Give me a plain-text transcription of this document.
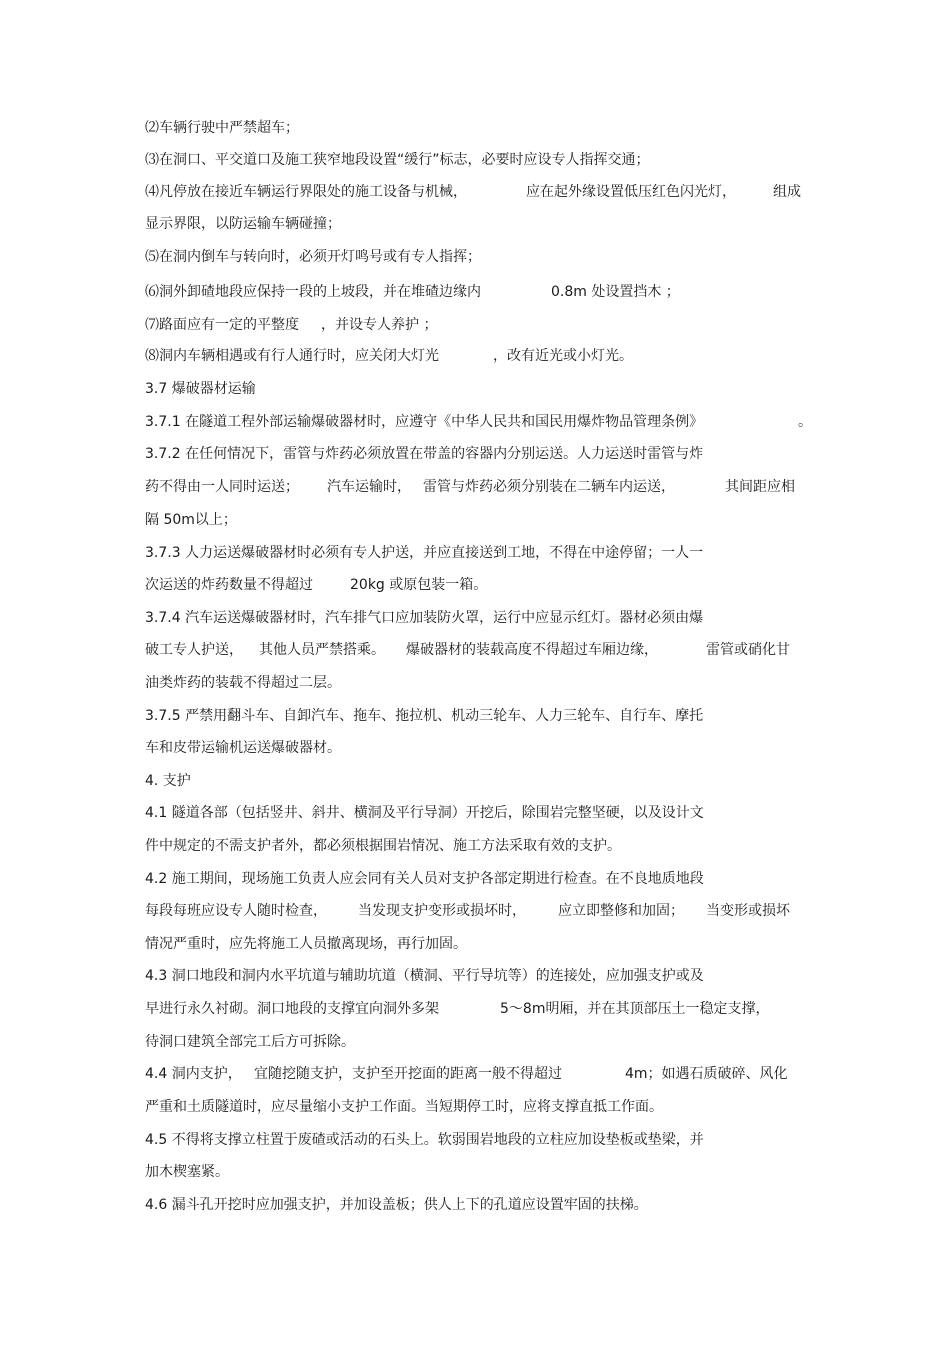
⑵车辆行驶中严禁超车；
⑶在洞口、平交道口及施工狭窄地段设置“缓行”标志，必要时应设专人指挥交通；
⑷凡停放在接近车辆运行界限处的施工设备与机械，	应在起外缘设置低压红色闪光灯，	组成
显示界限，以防运输车辆碰撞；
⑸在洞内倒车与转向时，必须开灯鸣号或有专人指挥；
⑹洞外卸碴地段应保持一段的上坡段，并在堆碴边缘内	0.8m 处设置挡木 ；
⑺路面应有一定的平整度 ，并设专人养护 ；
⑻洞内车辆相遇或有行人通行时，应关闭大灯光	，改有近光或小灯光。
3.7 爆破器材运输
3.7.1 在隧道工程外部运输爆破器材时，应遵守《中华人民共和国民用爆炸物品管理条例》	。
3.7.2 在任何情况下，雷管与炸药必须放置在带盖的容器内分别运送。人力运送时雷管与炸
药不得由一人同时运送； 汽车运输时， 雷管与炸药必须分别装在二辆车内运送，	其间距应相
隔 50m以上；
3.7.3 人力运送爆破器材时必须有专人护送，并应直接送到工地，不得在中途停留；一人一
次运送的炸药数量不得超过	20kg 或原包装一箱。
3.7.4 汽车运送爆破器材时，汽车排气口应加装防火罩，运行中应显示红灯。器材必须由爆
破工专人护送， 其他人员严禁搭乘。 爆破器材的装载高度不得超过车厢边缘，	雷管或硝化甘
油类炸药的装载不得超过二层。
3.7.5 严禁用翻斗车、自卸汽车、拖车、拖拉机、机动三轮车、人力三轮车、自行车、摩托
车和皮带运输机运送爆破器材。
4. 支护
4.1 隧道各部（包括竖井、斜井、横洞及平行导洞）开挖后，除围岩完整坚硬，以及设计文
件中规定的不需支护者外，都必须根据围岩情况、施工方法采取有效的支护。
4.2 施工期间，现场施工负责人应会同有关人员对支护各部定期进行检查。在不良地质地段
每段每班应设专人随时检查， 当发现支护变形或损坏时， 应立即整修和加固； 当变形或损坏
情况严重时，应先将施工人员撤离现场，再行加固。
4.3 洞口地段和洞内水平坑道与辅助坑道（横洞、平行导坑等）的连接处，应加强支护或及
早进行永久衬砌。洞口地段的支撑宜向洞外多架	5～8m明厢，并在其顶部压土一稳定支撑，
待洞口建筑全部完工后方可拆除。
4.4 洞内支护， 宜随挖随支护，支护至开挖面的距离一般不得超过	4m；如遇石质破碎、风化
严重和土质隧道时，应尽量缩小支护工作面。当短期停工时，应将支撑直抵工作面。
4.5 不得将支撑立柱置于废碴或活动的石头上。软弱围岩地段的立柱应加设垫板或垫梁，并
加木楔塞紧。
4.6 漏斗孔开挖时应加强支护，并加设盖板；供人上下的孔道应设置牢固的扶梯。
